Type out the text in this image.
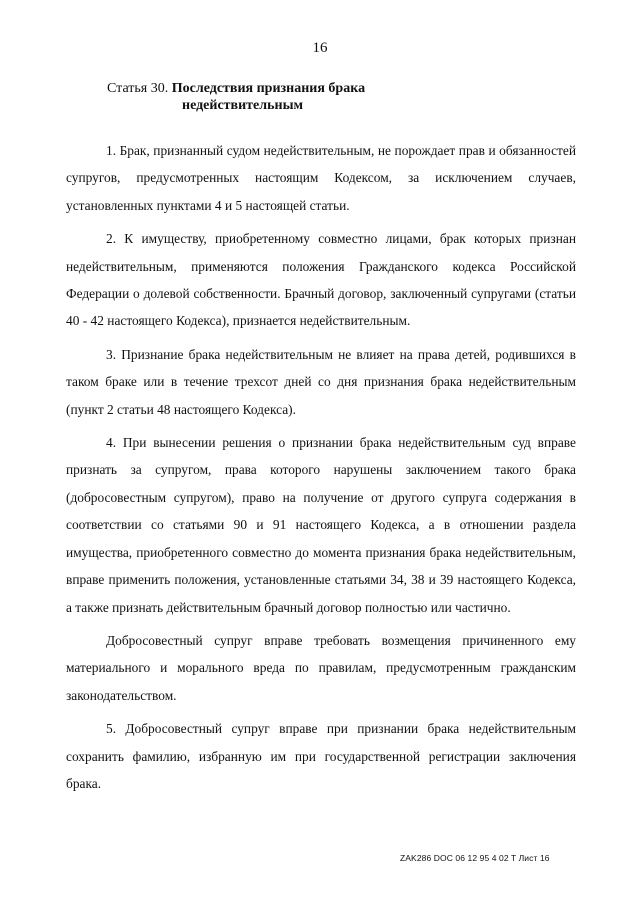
16
Статья 30. Последствия признания брака
недействительным

1. Брак, признанный судом недействительным, не порождает прав и обязанностей супругов, предусмотренных настоящим Кодексом, за исключением случаев, установленных пунктами 4 и 5 настоящей статьи.

2. К имуществу, приобретенному совместно лицами, брак которых признан недействительным, применяются положения Гражданского кодекса Российской Федерации о долевой собственности. Брачный договор, заключенный супругами (статьи 40 - 42 настоящего Кодекса), признается недействительным.

3. Признание брака недействительным не влияет на права детей, родившихся в таком браке или в течение трехсот дней со дня признания брака недействительным (пункт 2 статьи 48 настоящего Кодекса).

4. При вынесении решения о признании брака недействительным суд вправе признать за супругом, права которого нарушены заключением такого брака (добросовестным супругом), право на получение от другого супруга содержания в соответствии со статьями 90 и 91 настоящего Кодекса, а в отношении раздела имущества, приобретенного совместно до момента признания брака недействительным, вправе применить положения, установленные статьями 34, 38 и 39 настоящего Кодекса, а также признать действительным брачный договор полностью или частично.

Добросовестный супруг вправе требовать возмещения причиненного ему материального и морального вреда по правилам, предусмотренным гражданским законодательством.

5. Добросовестный супруг вправе при признании брака недействительным сохранить фамилию, избранную им при государственной регистрации заключения брака.

ZAK286 DOC 06 12 95 4 02 T Лист 16
